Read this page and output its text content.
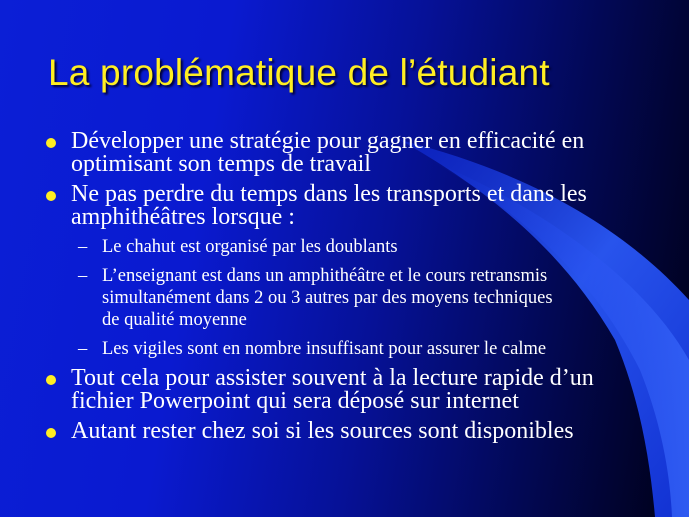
La problématique de l’étudiant
Développer une stratégie pour gagner en efficacité en
optimisant son temps de travail
Ne pas perdre du temps dans les transports et dans les
amphithéâtres lorsque :
– Le chahut est organisé par les doublants
– L’enseignant est dans un amphithéâtre et le cours retransmis
simultanément dans 2 ou 3 autres par des moyens techniques
de qualité moyenne
– Les vigiles sont en nombre insuffisant pour assurer le calme
Tout cela pour assister souvent à la lecture rapide d’un
fichier Powerpoint qui sera déposé sur internet
Autant rester chez soi si les sources sont disponibles
